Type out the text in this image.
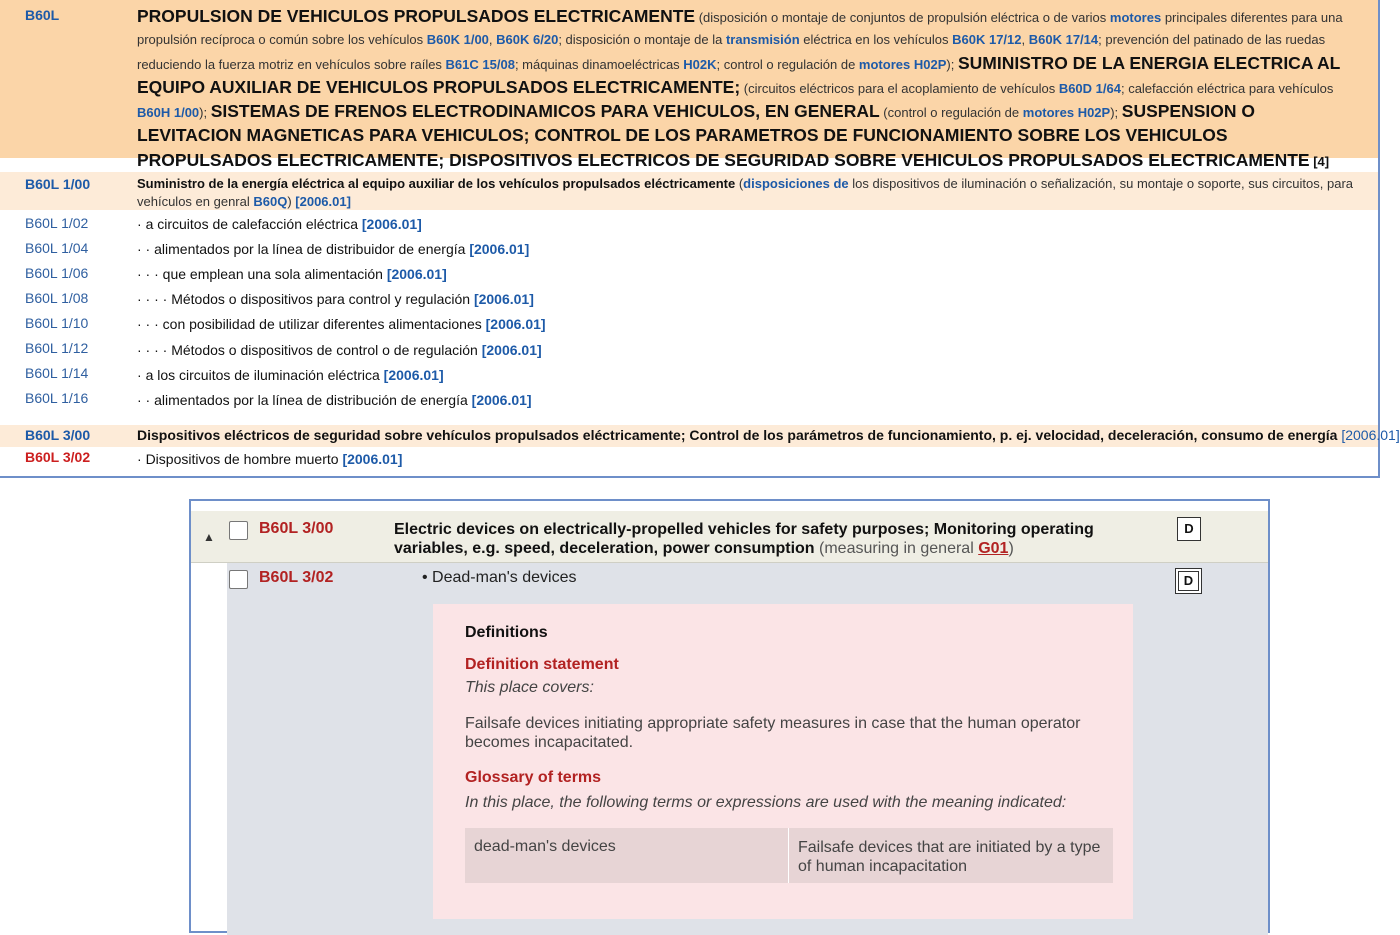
B60L	PROPULSION DE VEHICULOS PROPULSADOS ELECTRICAMENTE (disposición o montaje de conjuntos de propulsión eléctrica o de varios motores principales diferentes para una propulsión recíproca o común sobre los vehículos B60K 1/00, B60K 6/20; disposición o montaje de la transmisión eléctrica en los vehículos B60K 17/12, B60K 17/14; prevención del patinado de las ruedas reduciendo la fuerza motriz en vehículos sobre raíles B61C 15/08; máquinas dinamoeléctricas H02K; control o regulación de motores H02P); SUMINISTRO DE LA ENERGIA ELECTRICA AL EQUIPO AUXILIAR DE VEHICULOS PROPULSADOS ELECTRICAMENTE; (circuitos eléctricos para el acoplamiento de vehículos B60D 1/64; calefacción eléctrica para vehículos B60H 1/00); SISTEMAS DE FRENOS ELECTRODINAMICOS PARA VEHICULOS, EN GENERAL (control o regulación de motores H02P); SUSPENSION O LEVITACION MAGNETICAS PARA VEHICULOS; CONTROL DE LOS PARAMETROS DE FUNCIONAMIENTO SOBRE LOS VEHICULOS PROPULSADOS ELECTRICAMENTE; DISPOSITIVOS ELECTRICOS DE SEGURIDAD SOBRE VEHICULOS PROPULSADOS ELECTRICAMENTE [4]
B60L 1/00	Suministro de la energía eléctrica al equipo auxiliar de los vehículos propulsados eléctricamente (disposiciones de los dispositivos de iluminación o señalización, su montaje o soporte, sus circuitos, para vehículos en genral B60Q) [2006.01]
B60L 1/02	· a circuitos de calefacción eléctrica [2006.01]
B60L 1/04	· · alimentados por la línea de distribuidor de energía [2006.01]
B60L 1/06	· · · que emplean una sola alimentación [2006.01]
B60L 1/08	· · · · Métodos o dispositivos para control y regulación [2006.01]
B60L 1/10	· · · con posibilidad de utilizar diferentes alimentaciones [2006.01]
B60L 1/12	· · · · Métodos o dispositivos de control o de regulación [2006.01]
B60L 1/14	· a los circuitos de iluminación eléctrica [2006.01]
B60L 1/16	· · alimentados por la línea de distribución de energía [2006.01]
B60L 3/00	Dispositivos eléctricos de seguridad sobre vehículos propulsados eléctricamente; Control de los parámetros de funcionamiento, p. ej. velocidad, deceleración, consumo de energía [2006.01]
B60L 3/02	· Dispositivos de hombre muerto [2006.01]
▲	B60L 3/00	Electric devices on electrically-propelled vehicles for safety purposes; Monitoring operating variables, e.g. speed, deceleration, power consumption (measuring in general G01)
D
B60L 3/02	• Dead-man's devices	D
Definitions
Definition statement
This place covers:
Failsafe devices initiating appropriate safety measures in case that the human operator becomes incapacitated.
Glossary of terms
In this place, the following terms or expressions are used with the meaning indicated:
dead-man's devices	Failsafe devices that are initiated by a type of human incapacitation
